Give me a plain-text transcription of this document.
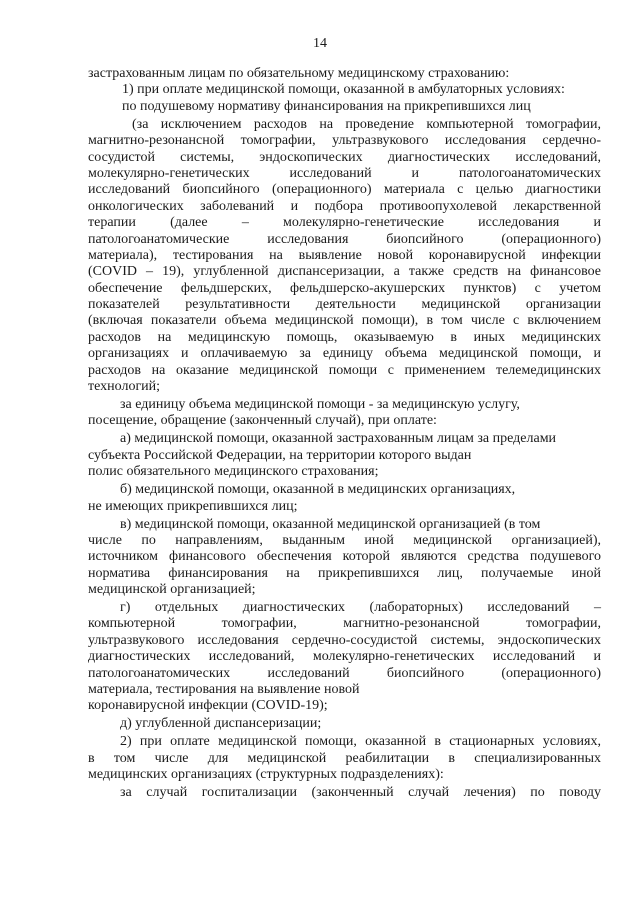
14
застрахованным лицам по обязательному медицинскому страхованию:
1) при оплате медицинской помощи, оказанной в амбулаторных условиях:
по подушевому нормативу финансирования на прикрепившихся лиц
(за исключением расходов на проведение компьютерной томографии,
магнитно-резонансной томографии, ультразвукового исследования сердечно-
сосудистой системы, эндоскопических диагностических исследований,
молекулярно-генетических исследований и патологоанатомических
исследований биопсийного (операционного) материала с целью диагностики
онкологических заболеваний и подбора противоопухолевой лекарственной
терапии (далее – молекулярно-генетические исследования и
патологоанатомические исследования биопсийного (операционного)
материала), тестирования на выявление новой коронавирусной инфекции
(COVID – 19), углубленной диспансеризации, а также средств на финансовое
обеспечение фельдшерских, фельдшерско-акушерских пунктов) с учетом
показателей результативности деятельности медицинской организации
(включая показатели объема медицинской помощи), в том числе с включением
расходов на медицинскую помощь, оказываемую в иных медицинских
организациях и оплачиваемую за единицу объема медицинской помощи, и
расходов на оказание медицинской помощи с применением телемедицинских
технологий;
за единицу объема медицинской помощи - за медицинскую услугу,
посещение, обращение (законченный случай), при оплате:
а) медицинской помощи, оказанной застрахованным лицам за пределами
субъекта Российской Федерации, на территории которого выдан
полис обязательного медицинского страхования;
б) медицинской помощи, оказанной в медицинских организациях,
не имеющих прикрепившихся лиц;
в) медицинской помощи, оказанной медицинской организацией (в том
числе по направлениям, выданным иной медицинской организацией),
источником финансового обеспечения которой являются средства подушевого
норматива финансирования на прикрепившихся лиц, получаемые иной
медицинской организацией;
г) отдельных диагностических (лабораторных) исследований –
компьютерной томографии, магнитно-резонансной томографии,
ультразвукового исследования сердечно-сосудистой системы, эндоскопических
диагностических исследований, молекулярно-генетических исследований и
патологоанатомических исследований биопсийного (операционного)
материала, тестирования на выявление новой
коронавирусной инфекции (COVID-19);
д) углубленной диспансеризации;
2) при оплате медицинской помощи, оказанной в стационарных условиях,
в том числе для медицинской реабилитации в специализированных
медицинских организациях (структурных подразделениях):
за случай госпитализации (законченный случай лечения) по поводу
